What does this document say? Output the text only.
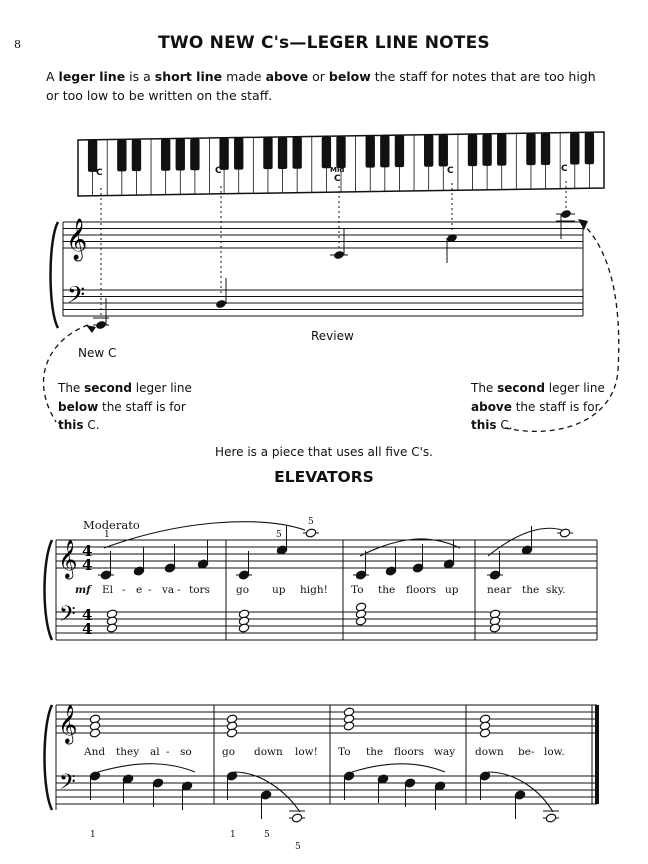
8	TWO NEW C's—LEGER LINE NOTES
A leger line is a short line made above or below the staff for notes that are too high or too low to be written on the staff.
𝄞
𝄢
𝄞
𝄢
4
4
4
4
𝄞
𝄢
C	C	Mid
C
C	C
Review
New C
The second leger line
below the staff is for
this C.
The second leger line
above the staff is for
this C.
Here is a piece that uses all five C's.
ELEVATORS
Moderato
mf
1	5
5
1	1	5
5
El - e - va - tors go up high! To the floors up	near the sky.
And they al - so	go down low! To the floors way down be - low.
